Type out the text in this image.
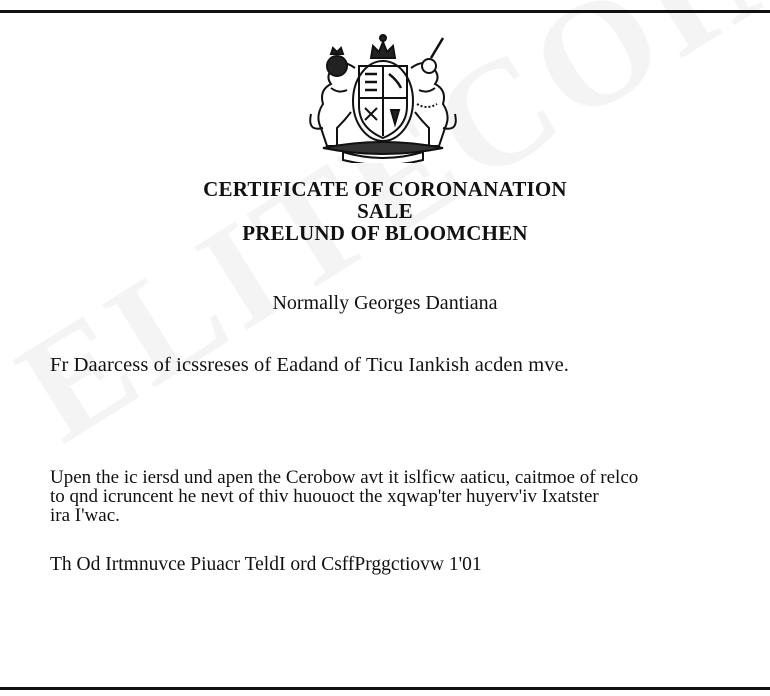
CERTIFICATE OF CORONANATION
SALE
PRELUND OF BLOOMCHEN
Normally Georges Dantiana
Fr Daarcess of icssreses of Eadand of Ticu Iankish acden mve.
Upen the ic iersd und apen the Cerobow avt it islficw aaticu, caitmoe of relco
to qnd icruncent he nevt of thiv huouoct the xqwap'ter huyerv'iv Ixatster
ira I'wac.
Th Od Irtmnuvce Piuacr TeldI ord CsffPrggctiovw 1'01
